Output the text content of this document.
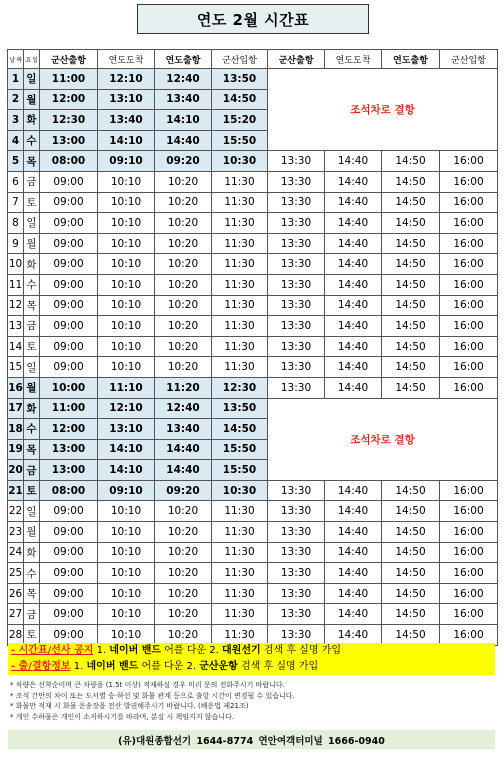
연도 2월 시간표
날 짜	요 일	군산출항	연도도착	연도출항	군산입항	군산출항	연도도착	연도출항	군산입항
1	일	11:00	12:10	12:40	13:50	조석차로 결항			
2	월	12:00	13:10	13:40	14:50				
3	화	12:30	13:40	14:10	15:20				
4	수	13:00	14:10	14:40	15:50				
5	목	08:00	09:10	09:20	10:30	13:30	14:40	14:50	16:00
6	금	09:00	10:10	10:20	11:30	13:30	14:40	14:50	16:00
7	토	09:00	10:10	10:20	11:30	13:30	14:40	14:50	16:00
8	일	09:00	10:10	10:20	11:30	13:30	14:40	14:50	16:00
9	월	09:00	10:10	10:20	11:30	13:30	14:40	14:50	16:00
10	화	09:00	10:10	10:20	11:30	13:30	14:40	14:50	16:00
11	수	09:00	10:10	10:20	11:30	13:30	14:40	14:50	16:00
12	목	09:00	10:10	10:20	11:30	13:30	14:40	14:50	16:00
13	금	09:00	10:10	10:20	11:30	13:30	14:40	14:50	16:00
14	토	09:00	10:10	10:20	11:30	13:30	14:40	14:50	16:00
15	일	09:00	10:10	10:20	11:30	13:30	14:40	14:50	16:00
16	월	10:00	11:10	11:20	12:30	13:30	14:40	14:50	16:00
17	화	11:00	12:10	12:40	13:50	조석차로 결항			
18	수	12:00	13:10	13:40	14:50				
19	목	13:00	14:10	14:40	15:50				
20	금	13:00	14:10	14:40	15:50				
21	토	08:00	09:10	09:20	10:30	13:30	14:40	14:50	16:00
22	일	09:00	10:10	10:20	11:30	13:30	14:40	14:50	16:00
23	월	09:00	10:10	10:20	11:30	13:30	14:40	14:50	16:00
24	화	09:00	10:10	10:20	11:30	13:30	14:40	14:50	16:00
25	수	09:00	10:10	10:20	11:30	13:30	14:40	14:50	16:00
26	목	09:00	10:10	10:20	11:30	13:30	14:40	14:50	16:00
27	금	09:00	10:10	10:20	11:30	13:30	14:40	14:50	16:00
28	토	09:00	10:10	10:20	11:30	13:30	14:40	14:50	16:00
- 시간표/선사 공지 1. 네이버 밴드 어플 다운 2. 대원선기 검색 후 실명 가입
- 출/결항정보 1. 네이버 밴드 어플 다운 2. 군산운항 검색 후 실명 가입
* 차량은 선착순이며 큰 차량을 (1.5t 이상) 적재하실 경우 미리 문의 전화주시기 바랍니다.
* 조석 간만의 차이 또는 도서별 승·하선 및 화물 관계 등으로 출항 시간이 변경될 수 있습니다.
* 화물만 적재 시 화물 운송장을 전산 발권해주시기 바랍니다. (해운법 제21조)
* 개인 수하물은 개인이 소지하시기를 바라며, 분실 시 책임지지 않습니다.
(유)대원종합선기 1644-8774 연안여객터미널 1666-0940
